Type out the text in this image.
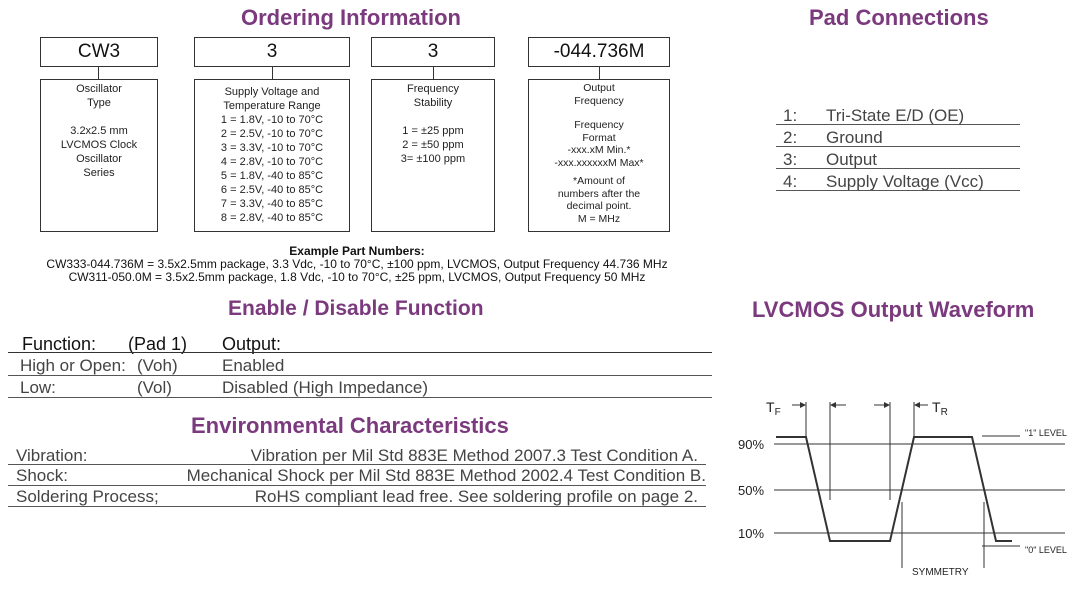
Ordering Information
CW3
Oscillator
Type
3.2x2.5 mm
LVCMOS Clock
Oscillator
Series
3
Supply Voltage and
Temperature Range
1 = 1.8V, -10 to 70°C
2 = 2.5V, -10 to 70°C
3 = 3.3V, -10 to 70°C
4 = 2.8V, -10 to 70°C
5 = 1.8V, -40 to 85°C
6 = 2.5V, -40 to 85°C
7 = 3.3V, -40 to 85°C
8 = 2.8V, -40 to 85°C
3
Frequency
Stability
1 = ±25 ppm
2 = ±50 ppm
3= ±100 ppm
-044.736M
Output
Frequency
Frequency
Format
-xxx.xM Min.*
-xxx.xxxxxxM Max*
*Amount of
numbers after the
decimal point.
M = MHz
Example Part Numbers:
CW333-044.736M = 3.5x2.5mm package, 3.3 Vdc, -10 to 70°C, ±100 ppm, LVCMOS, Output Frequency 44.736 MHz
CW311-050.0M = 3.5x2.5mm package, 1.8 Vdc, -10 to 70°C, ±25 ppm, LVCMOS, Output Frequency 50 MHz
Pad Connections
1: Tri-State E/D (OE)
2: Ground
3: Output
4: Supply Voltage (Vcc)
Enable / Disable Function
Function: (Pad 1) Output:
High or Open: (Voh)	Enabled
Low:	(Vol)	Disabled (High Impedance)
Environmental Characteristics
Vibration:	Vibration per Mil Std 883E Method 2007.3 Test Condition A.
Shock:	Mechanical Shock per Mil Std 883E Method 2002.4 Test Condition B.
Soldering Process;	RoHS compliant lead free. See soldering profile on page 2.
LVCMOS Output Waveform
$T_F$	$T_R$
90%
50%
10%
"1" LEVEL
"0" LEVEL
SYMMETRY
